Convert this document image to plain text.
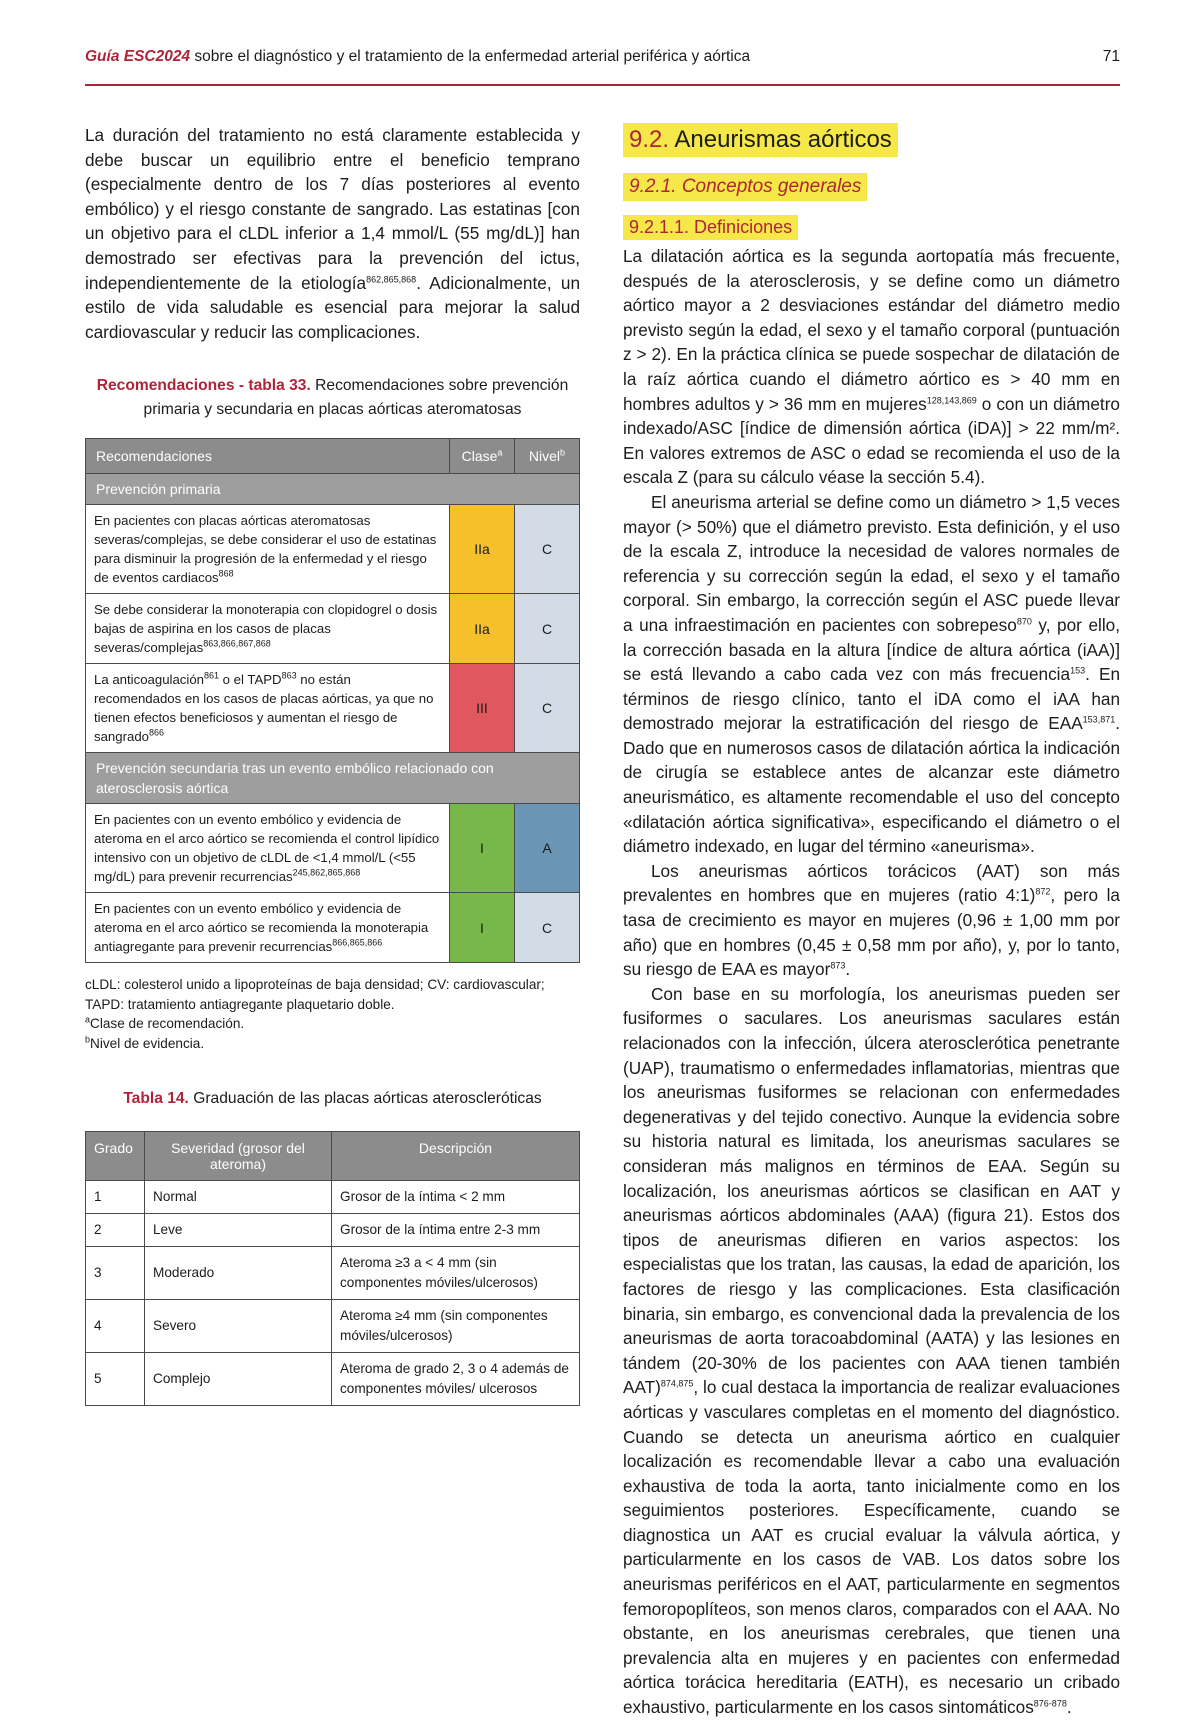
Guía ESC2024 sobre el diagnóstico y el tratamiento de la enfermedad arterial periférica y aórtica	71

La duración del tratamiento no está claramente establecida y debe buscar un equilibrio entre el beneficio temprano (especialmente dentro de los 7 días posteriores al evento embólico) y el riesgo constante de sangrado. Las estatinas [con un objetivo para el cLDL inferior a 1,4 mmol/L (55 mg/dL)] han demostrado ser efectivas para la prevención del ictus, independientemente de la etiología$^{862,865,868}$. Adicionalmente, un estilo de vida saludable es esencial para mejorar la salud cardiovascular y reducir las complicaciones.

Recomendaciones - tabla 33. Recomendaciones sobre prevención primaria y secundaria en placas aórticas ateromatosas

Recomendaciones	Clase$^a$	Nivel$^b$
Prevención primaria		
En pacientes con placas aórticas ateromatosas severas/complejas, se debe considerar el uso de estatinas para disminuir la progresión de la enfermedad y el riesgo de eventos cardiacos$^{868}$	IIa	C
Se debe considerar la monoterapia con clopidogrel o dosis bajas de aspirina en los casos de placas severas/complejas$^{863,866,867,868}$	IIa	C
La anticoagulación$^{861}$ o el TAPD$^{863}$ no están recomendados en los casos de placas aórticas, ya que no tienen efectos beneficiosos y aumentan el riesgo de sangrado$^{866}$	III	C
Prevención secundaria tras un evento embólico relacionado con aterosclerosis aórtica		
En pacientes con un evento embólico y evidencia de ateroma en el arco aórtico se recomienda el control lipídico intensivo con un objetivo de cLDL de <1,4 mmol/L (<55 mg/dL) para prevenir recurrencias$^{245,862,865,868}$	I	A
En pacientes con un evento embólico y evidencia de ateroma en el arco aórtico se recomienda la monoterapia antiagregante para prevenir recurrencias$^{866,865,866}$	I	C
cLDL: colesterol unido a lipoproteínas de baja densidad; CV: cardiovascular; TAPD: tratamiento antiagregante plaquetario doble.
$^a$Clase de recomendación.
$^b$Nivel de evidencia.

Tabla 14. Graduación de las placas aórticas ateroscleróticas

Grado	Severidad (grosor del ateroma)	Descripción
1	Normal	Grosor de la íntima < 2 mm
2	Leve	Grosor de la íntima entre 2-3 mm
3	Moderado	Ateroma ≥3 a < 4 mm (sin componentes móviles/ulcerosos)
4	Severo	Ateroma ≥4 mm (sin componentes móviles/ulcerosos)
5	Complejo	Ateroma de grado 2, 3 o 4 además de componentes móviles/ ulcerosos
9.2. Aneurismas aórticos
9.2.1. Conceptos generales
9.2.1.1. Definiciones

La dilatación aórtica es la segunda aortopatía más frecuente, después de la aterosclerosis, y se define como un diámetro aórtico mayor a 2 desviaciones estándar del diámetro medio previsto según la edad, el sexo y el tamaño corporal (puntuación z > 2). En la práctica clínica se puede sospechar de dilatación de la raíz aórtica cuando el diámetro aórtico es > 40 mm en hombres adultos y > 36 mm en mujeres$^{128,143,869}$ o con un diámetro indexado/ASC [índice de dimensión aórtica (iDA)] > 22 mm/m². En valores extremos de ASC o edad se recomienda el uso de la escala Z (para su cálculo véase la sección 5.4).

El aneurisma arterial se define como un diámetro > 1,5 veces mayor (> 50%) que el diámetro previsto. Esta definición, y el uso de la escala Z, introduce la necesidad de valores normales de referencia y su corrección según la edad, el sexo y el tamaño corporal. Sin embargo, la corrección según el ASC puede llevar a una infraestimación en pacientes con sobrepeso$^{870}$ y, por ello, la corrección basada en la altura [índice de altura aórtica (iAA)] se está llevando a cabo cada vez con más frecuencia$^{153}$. En términos de riesgo clínico, tanto el iDA como el iAA han demostrado mejorar la estratificación del riesgo de EAA$^{153,871}$. Dado que en numerosos casos de dilatación aórtica la indicación de cirugía se establece antes de alcanzar este diámetro aneurismático, es altamente recomendable el uso del concepto «dilatación aórtica significativa», especificando el diámetro o el diámetro indexado, en lugar del término «aneurisma».

Los aneurismas aórticos torácicos (AAT) son más prevalentes en hombres que en mujeres (ratio 4:1)$^{872}$, pero la tasa de crecimiento es mayor en mujeres (0,96 ± 1,00 mm por año) que en hombres (0,45 ± 0,58 mm por año), y, por lo tanto, su riesgo de EAA es mayor$^{873}$.

Con base en su morfología, los aneurismas pueden ser fusiformes o saculares. Los aneurismas saculares están relacionados con la infección, úlcera aterosclerótica penetrante (UAP), traumatismo o enfermedades inflamatorias, mientras que los aneurismas fusiformes se relacionan con enfermedades degenerativas y del tejido conectivo. Aunque la evidencia sobre su historia natural es limitada, los aneurismas saculares se consideran más malignos en términos de EAA. Según su localización, los aneurismas aórticos se clasifican en AAT y aneurismas aórticos abdominales (AAA) (figura 21). Estos dos tipos de aneurismas difieren en varios aspectos: los especialistas que los tratan, las causas, la edad de aparición, los factores de riesgo y las complicaciones. Esta clasificación binaria, sin embargo, es convencional dada la prevalencia de los aneurismas de aorta toracoabdominal (AATA) y las lesiones en tándem (20-30% de los pacientes con AAA tienen también AAT)$^{874,875}$, lo cual destaca la importancia de realizar evaluaciones aórticas y vasculares completas en el momento del diagnóstico. Cuando se detecta un aneurisma aórtico en cualquier localización es recomendable llevar a cabo una evaluación exhaustiva de toda la aorta, tanto inicialmente como en los seguimientos posteriores. Específicamente, cuando se diagnostica un AAT es crucial evaluar la válvula aórtica, y particularmente en los casos de VAB. Los datos sobre los aneurismas periféricos en el AAT, particularmente en segmentos femoropoplíteos, son menos claros, comparados con el AAA. No obstante, en los aneurismas cerebrales, que tienen una prevalencia alta en mujeres y en pacientes con enfermedad aórtica torácica hereditaria (EATH), es necesario un cribado exhaustivo, particularmente en los casos sintomáticos$^{876-878}$.
